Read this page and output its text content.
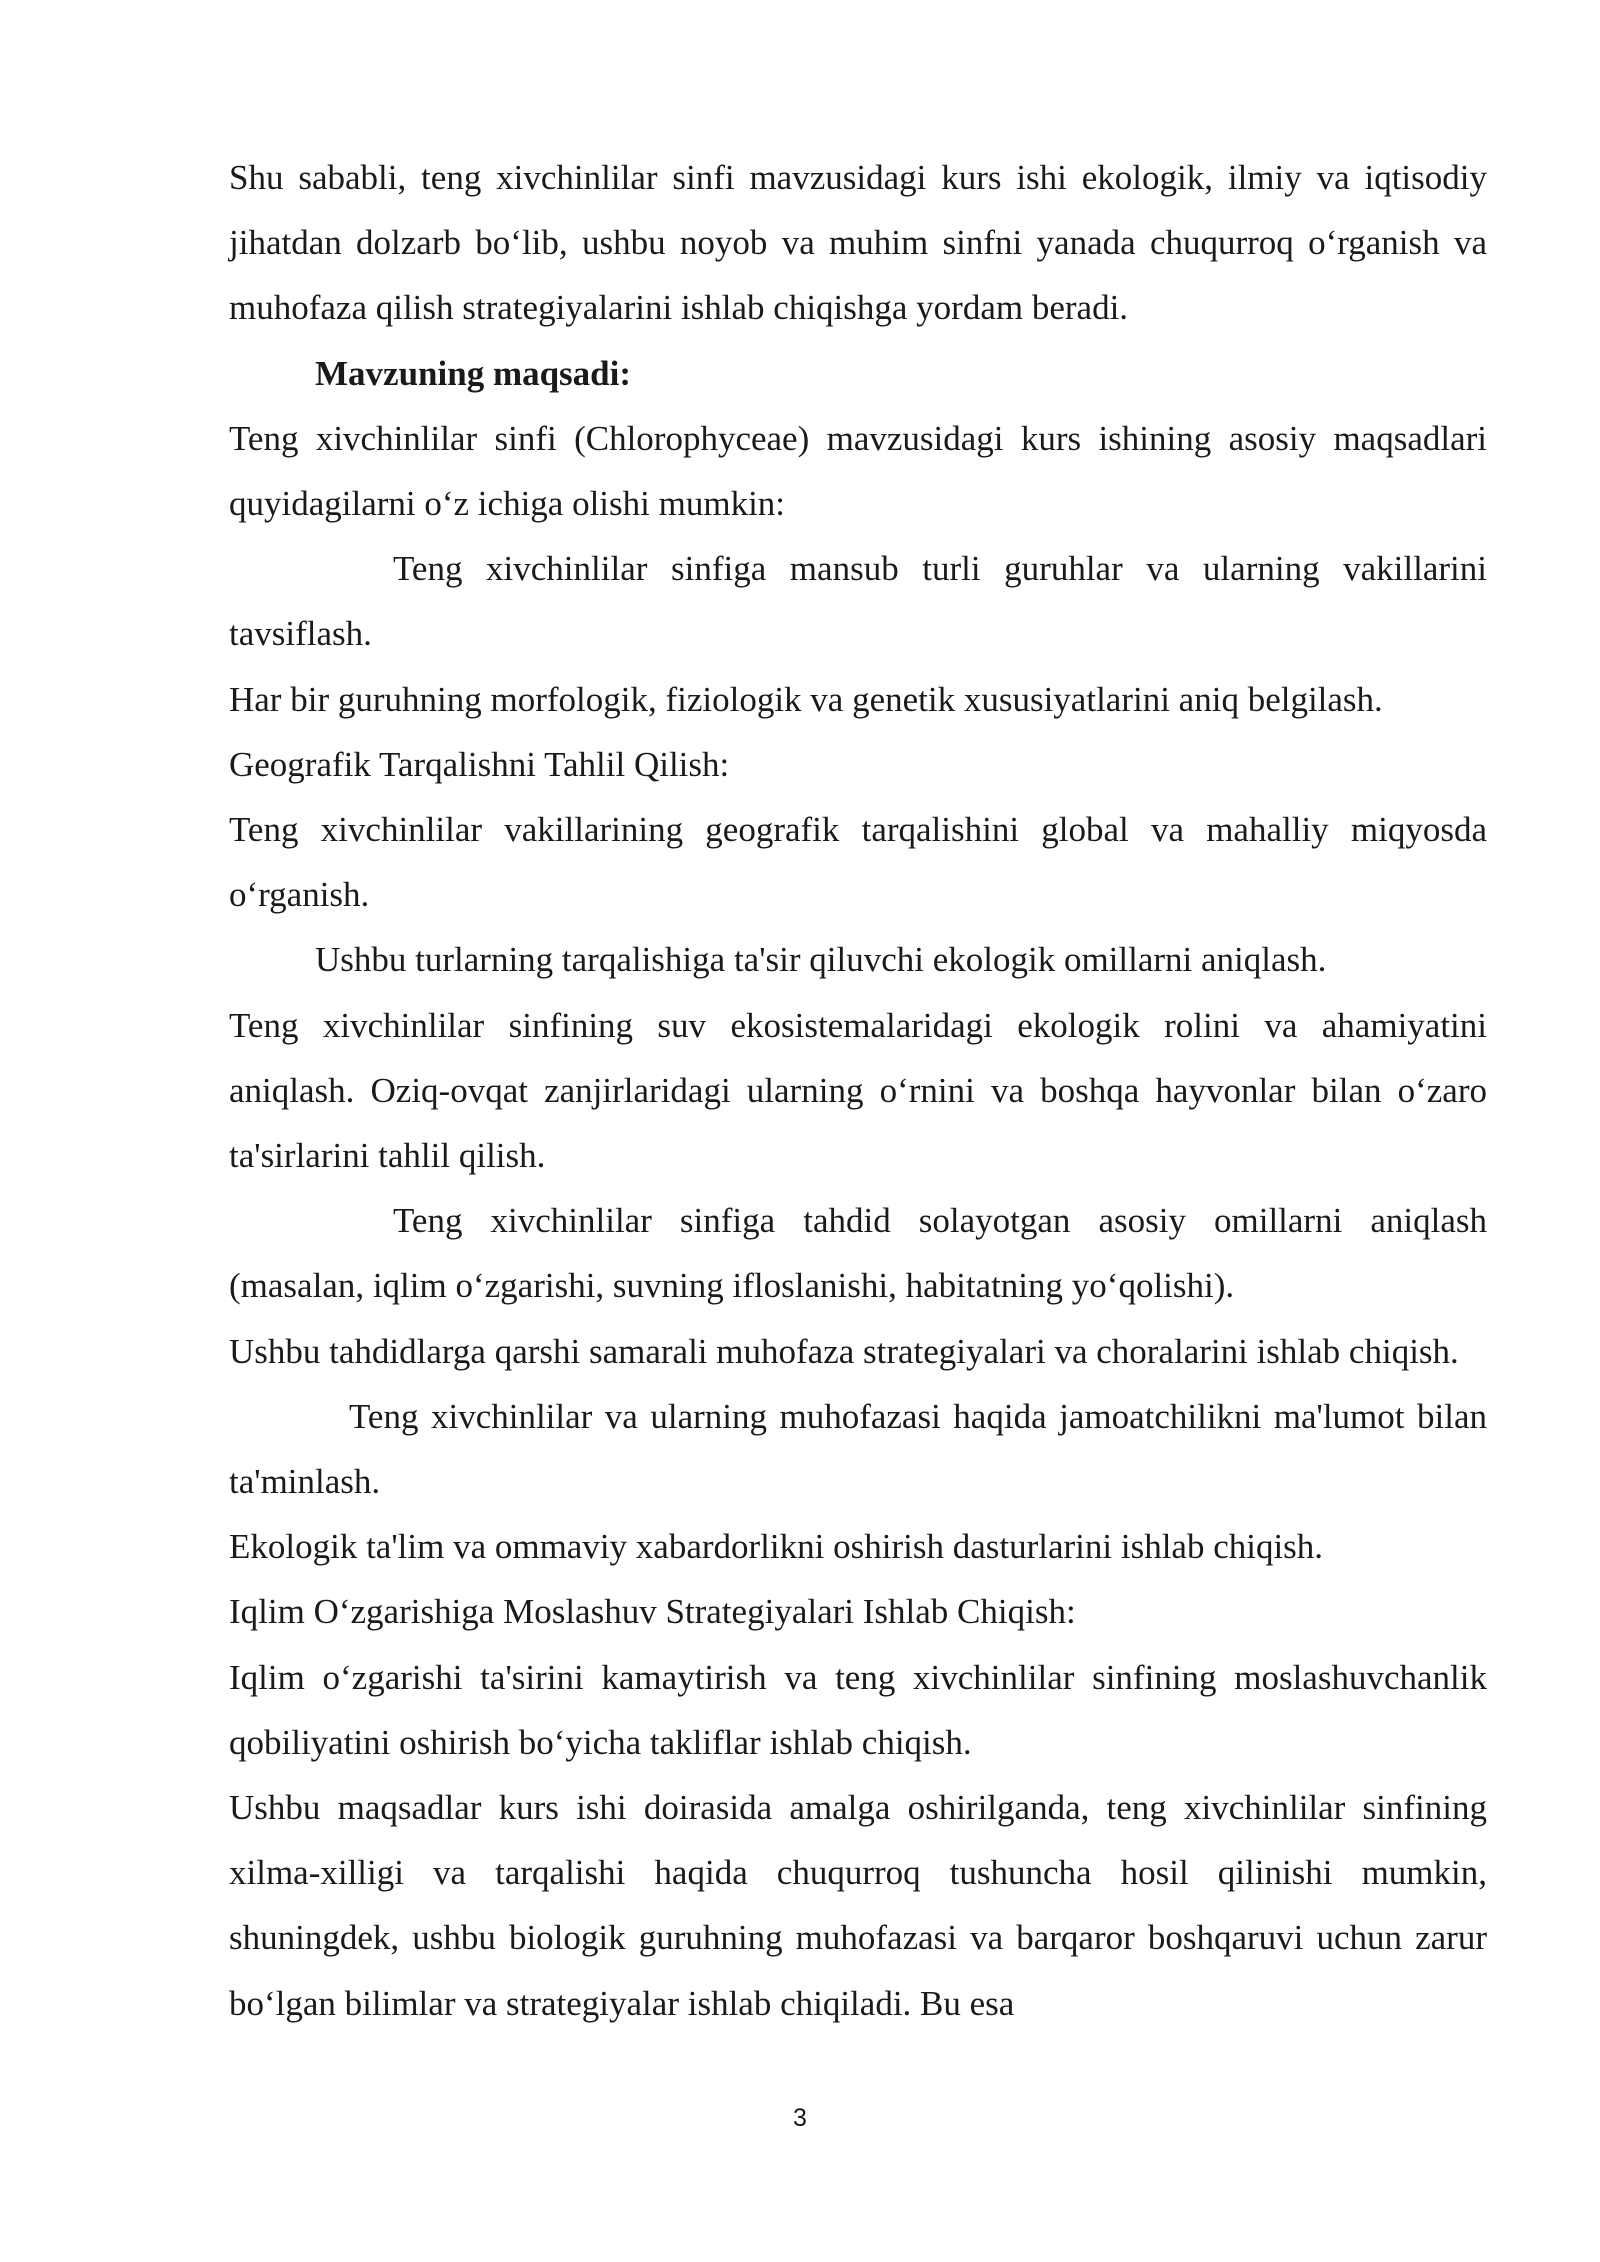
Shu sababli, teng xivchinlilar sinfi mavzusidagi kurs ishi ekologik, ilmiy va iqtisodiy jihatdan dolzarb bo‘lib, ushbu noyob va muhim sinfni yanada chuqurroq o‘rganish va muhofaza qilish strategiyalarini ishlab chiqishga yordam beradi.

Mavzuning maqsadi:

Teng xivchinlilar sinfi (Chlorophyceae) mavzusidagi kurs ishining asosiy maqsadlari quyidagilarni o‘z ichiga olishi mumkin:

Teng xivchinlilar sinfiga mansub turli guruhlar va ularning vakillarini tavsiflash.

Har bir guruhning morfologik, fiziologik va genetik xususiyatlarini aniq belgilash.

Geografik Tarqalishni Tahlil Qilish:

Teng xivchinlilar vakillarining geografik tarqalishini global va mahalliy miqyosda o‘rganish.

Ushbu turlarning tarqalishiga ta'sir qiluvchi ekologik omillarni aniqlash.

Teng xivchinlilar sinfining suv ekosistemalaridagi ekologik rolini va ahamiyatini aniqlash. Oziq-ovqat zanjirlaridagi ularning o‘rnini va boshqa hayvonlar bilan o‘zaro ta'sirlarini tahlil qilish.

Teng xivchinlilar sinfiga tahdid solayotgan asosiy omillarni aniqlash (masalan, iqlim o‘zgarishi, suvning ifloslanishi, habitatning yo‘qolishi).

Ushbu tahdidlarga qarshi samarali muhofaza strategiyalari va choralarini ishlab chiqish.

Teng xivchinlilar va ularning muhofazasi haqida jamoatchilikni ma'lumot bilan ta'minlash.

Ekologik ta'lim va ommaviy xabardorlikni oshirish dasturlarini ishlab chiqish.

Iqlim O‘zgarishiga Moslashuv Strategiyalari Ishlab Chiqish:

Iqlim o‘zgarishi ta'sirini kamaytirish va teng xivchinlilar sinfining moslashuvchanlik qobiliyatini oshirish bo‘yicha takliflar ishlab chiqish.

Ushbu maqsadlar kurs ishi doirasida amalga oshirilganda, teng xivchinlilar sinfining xilma-xilligi va tarqalishi haqida chuqurroq tushuncha hosil qilinishi mumkin, shuningdek, ushbu biologik guruhning muhofazasi va barqaror boshqaruvi uchun zarur bo‘lgan bilimlar va strategiyalar ishlab chiqiladi. Bu esa

3
